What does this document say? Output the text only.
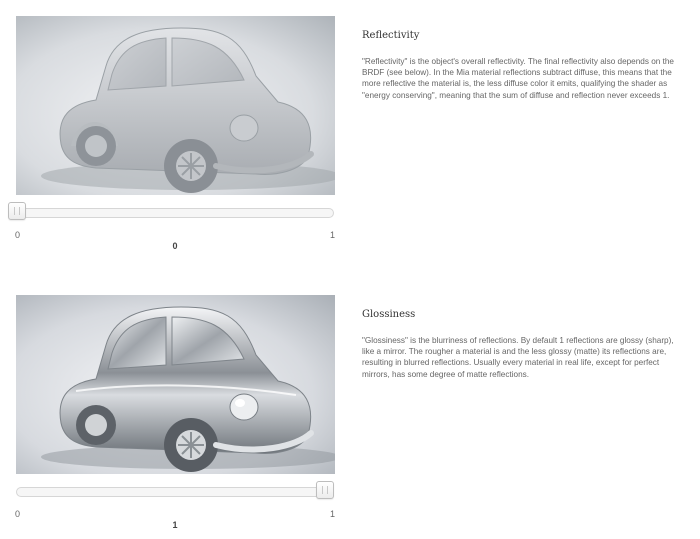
0	1
0
Reflectivity
"Reflectivity" is the object's overall reflectivity. The final reflectivity also depends on the BRDF (see below). In the Mia material reflections subtract diffuse, this means that the more reflective the material is, the less diffuse color it emits, qualifying the shader as "energy conserving", meaning that the sum of diffuse and reflection never exceeds 1.
0	1
1
Glossiness
"Glossiness" is the blurriness of reflections. By default 1 reflections are glossy (sharp), like a mirror. The rougher a material is and the less glossy (matte) its reflections are, resulting in blurred reflections. Usually every material in real life, except for perfect mirrors, has some degree of matte reflections.
